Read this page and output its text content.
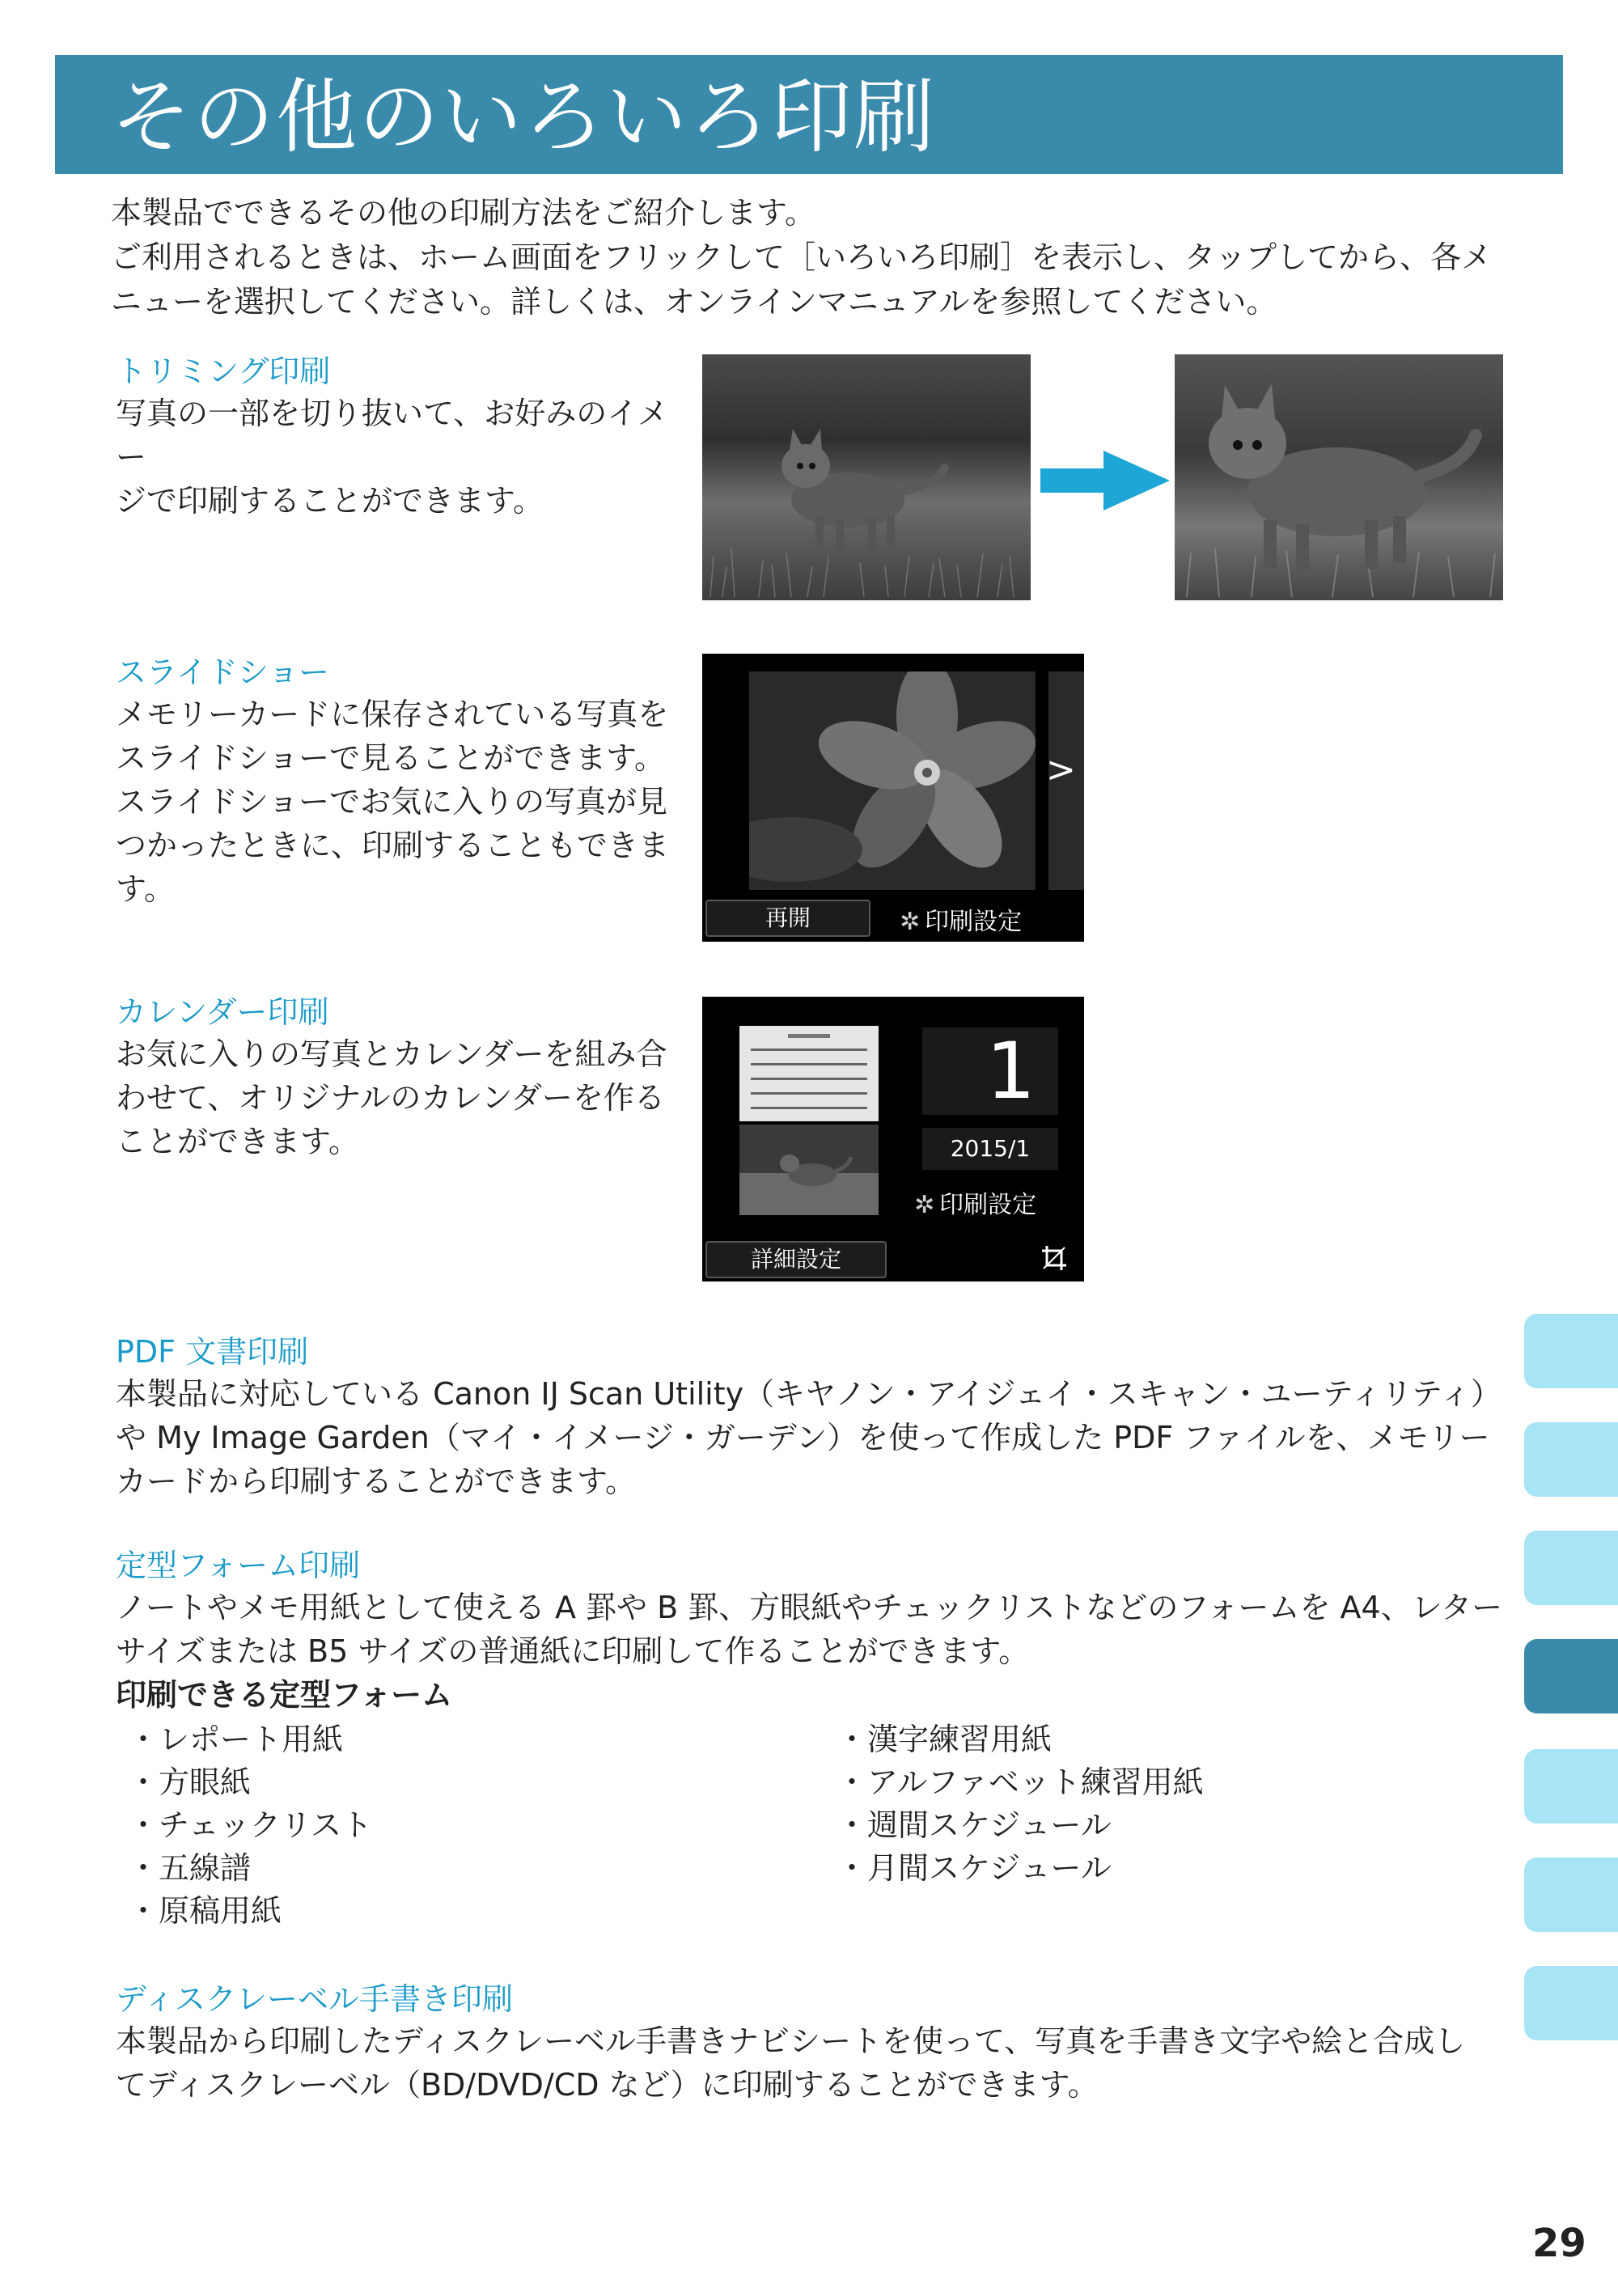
その他のいろいろ印刷

本製品でできるその他の印刷方法をご紹介します。

ご利用されるときは、ホーム画面をフリックして［いろいろ印刷］を表示し、タップしてから、各メ

ニューを選択してください。詳しくは、オンラインマニュアルを参照してください。

トリミング印刷

写真の一部を切り抜いて、お好みのイメー

ジで印刷することができます。

スライドショー

メモリーカードに保存されている写真を

スライドショーで見ることができます。

スライドショーでお気に入りの写真が見

つかったときに、印刷することもできま

す。

>
再開	✲ 印刷設定
カレンダー印刷

お気に入りの写真とカレンダーを組み合

わせて、オリジナルのカレンダーを作る

ことができます。

1
2015/1
✲ 印刷設定
詳細設定
PDF 文書印刷

本製品に対応している Canon IJ Scan Utility（キヤノン・アイジェイ・スキャン・ユーティリティ）

や My Image Garden（マイ・イメージ・ガーデン）を使って作成した PDF ファイルを、メモリー

カードから印刷することができます。

定型フォーム印刷

ノートやメモ用紙として使える A 罫や B 罫、方眼紙やチェックリストなどのフォームを A4、レター

サイズまたは B5 サイズの普通紙に印刷して作ることができます。

印刷できる定型フォーム

・ レポート用紙
・ 方眼紙
・ チェックリスト
・ 五線譜
・ 原稿用紙
・ 漢字練習用紙
・ アルファベット練習用紙
・ 週間スケジュール
・ 月間スケジュール
ディスクレーベル手書き印刷

本製品から印刷したディスクレーベル手書きナビシートを使って、写真を手書き文字や絵と合成し

てディスクレーベル（BD/DVD/CD など）に印刷することができます。

29
